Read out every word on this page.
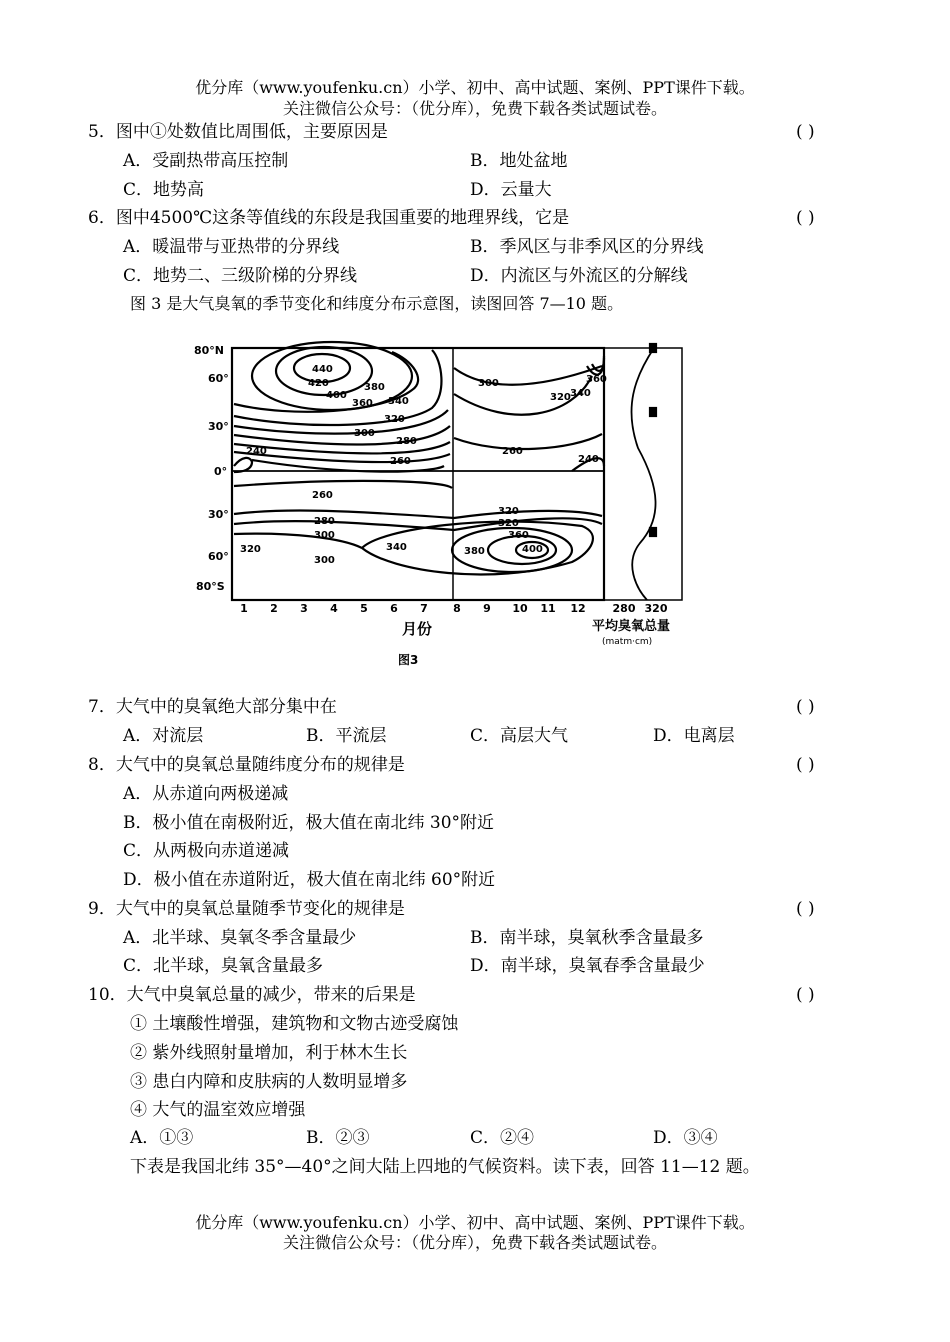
优分库（www.youfenku.cn）小学、初中、高中试题、案例、PPT课件下载。
关注微信公众号：（优分库），免费下载各类试题试卷。
5．图中①处数值比周围低，主要原因是	( )
A．受副热带高压控制	B．地处盆地
C．地势高	D．云量大
6．图中4500℃这条等值线的东段是我国重要的地理界线，它是	( )
A．暖温带与亚热带的分界线	B．季风区与非季风区的分界线
C．地势二、三级阶梯的分界线	D．内流区与外流区的分解线
图 3 是大气臭氧的季节变化和纬度分布示意图，读图回答 7—10 题。
80°N
60°
30°
0°
30°
60°
80°S
1 2 3 4 5 6 7 8 9 10 11 12 280 320
440
420
400
380
360 340
320
300
280
260
240
300
320 340
360
260
240
260
280
300
320	340	380	400
320
360
300
320
月份	平均臭氧总量
(matm·cm)
图3
7．大气中的臭氧绝大部分集中在	( )
A．对流层	B．平流层	C．高层大气	D．电离层
8．大气中的臭氧总量随纬度分布的规律是	( )
A．从赤道向两极递减
B．极小值在南极附近，极大值在南北纬 30°附近
C．从两极向赤道递减
D．极小值在赤道附近，极大值在南北纬 60°附近
9．大气中的臭氧总量随季节变化的规律是	( )
A．北半球、臭氧冬季含量最少	B．南半球，臭氧秋季含量最多
C．北半球，臭氧含量最多	D．南半球，臭氧春季含量最少
10．大气中臭氧总量的减少，带来的后果是	( )
① 土壤酸性增强，建筑物和文物古迹受腐蚀
② 紫外线照射量增加，利于林木生长
③ 患白内障和皮肤病的人数明显增多
④ 大气的温室效应增强
A．①③	B．②③	C．②④	D．③④
下表是我国北纬 35°—40°之间大陆上四地的气候资料。读下表，回答 11—12 题。
优分库（www.youfenku.cn）小学、初中、高中试题、案例、PPT课件下载。
关注微信公众号：（优分库），免费下载各类试题试卷。
